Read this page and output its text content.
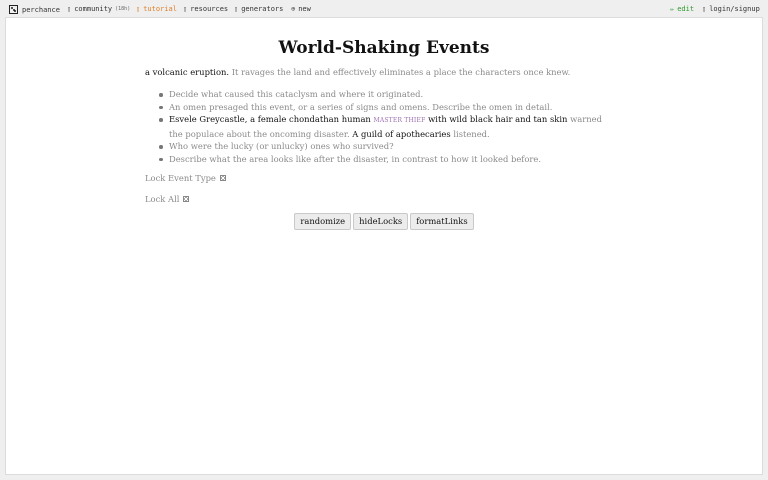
perchance ▯ community (18h) ▯ tutorial ▯ resources ▯ generators ⊕ new	✏ edit ▯ login/signup
World-Shaking Events
a volcanic eruption. It ravages the land and effectively eliminates a place the characters once knew.
Decide what caused this cataclysm and where it originated.
An omen presaged this event, or a series of signs and omens. Describe the omen in detail.
Esvele Greycastle, a female chondathan human MASTER THIEF with wild black hair and tan skin warned the populace about the oncoming disaster. A guild of apothecaries listened.
Who were the lucky (or unlucky) ones who survived?
Describe what the area looks like after the disaster, in contrast to how it looked before.
Lock Event Type
Lock All
randomize	hideLocks	formatLinks
